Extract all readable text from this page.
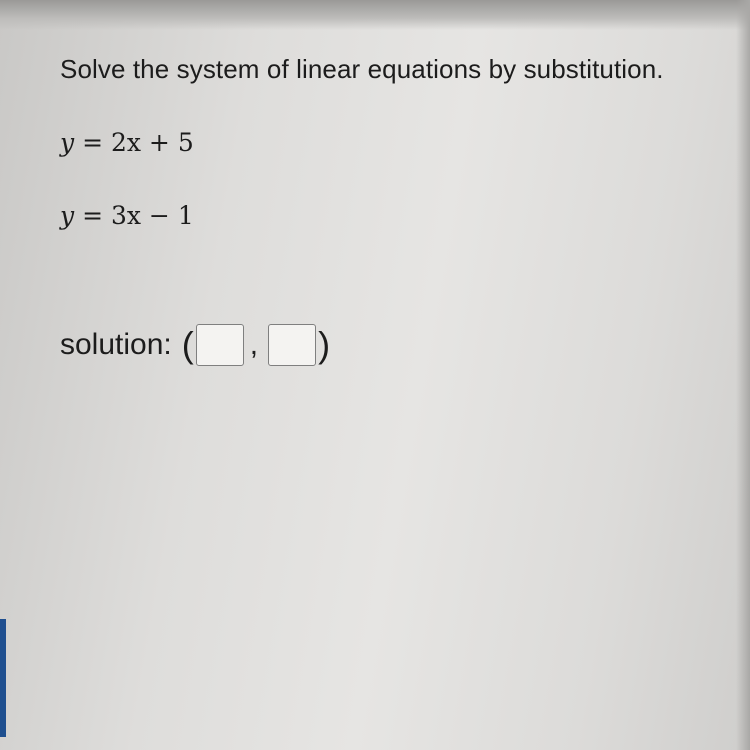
Solve the system of linear equations by substitution.
y = 2x + 5
y = 3x − 1
solution: ( , )
